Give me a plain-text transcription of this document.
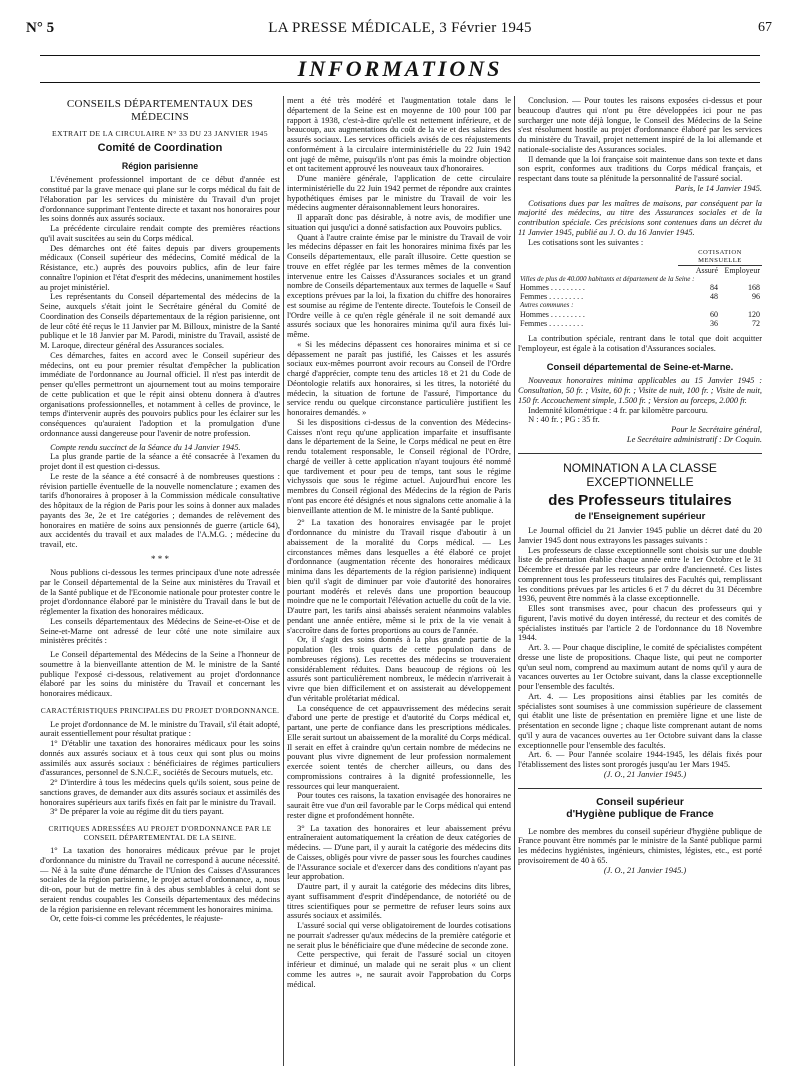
N° 5	LA PRESSE MÉDICALE, 3 Février 1945	67
INFORMATIONS
CONSEILS DÉPARTEMENTAUX DES MÉDECINS
EXTRAIT DE LA CIRCULAIRE N° 33 DU 23 JANVIER 1945
Comité de Coordination
Région parisienne

L'événement professionnel important de ce début d'année est constitué par la grave menace qui plane sur le corps médical du fait de l'élaboration par les services du ministère du Travail d'un projet d'ordonnance supprimant l'entente directe et taxant nos honoraires pour les soins donnés aux assurés sociaux.

La précédente circulaire rendait compte des premières réactions qu'il avait suscitées au sein du Corps médical.

Des démarches ont été faites depuis par divers groupements médicaux (Conseil supérieur des médecins, Comité médical de la Résistance, etc.) auprès des pouvoirs publics, afin de leur faire connaître l'opinion et l'état d'esprit des médecins, unanimement hostiles au projet ministériel.

Les représentants du Conseil départemental des médecins de la Seine, auxquels s'était joint le Secrétaire général du Comité de Coordination des Conseils départementaux de la région parisienne, ont de leur côté été reçus le 11 Janvier par M. Billoux, ministre de la Santé publique et le 18 Janvier par M. Parodi, ministre du Travail, assisté de M. Laroque, directeur général des Assurances sociales.

Ces démarches, faites en accord avec le Conseil supérieur des médecins, ont eu pour premier résultat d'empêcher la publication immédiate de l'ordonnance au Journal officiel. Il n'est pas interdit de penser qu'elles permettront un ajournement tout au moins temporaire de cette publication et que le répit ainsi obtenu donnera à d'autres organisations professionnelles, et notamment à celles de province, le temps d'intervenir auprès des pouvoirs publics pour les éclairer sur les conséquences qu'auraient l'adoption et la promulgation d'une ordonnance aussi dangereuse pour l'avenir de notre profession.

Compte rendu succinct de la Séance du 14 Janvier 1945.

La plus grande partie de la séance a été consacrée à l'examen du projet dont il est question ci-dessus.

Le reste de la séance a été consacré à de nombreuses questions : révision partielle éventuelle de la nouvelle nomenclature ; examen des tarifs d'honoraires à proposer à la Commission médicale consultative des hôpitaux de la région de Paris pour les soins à donner aux malades payants des 3e, 2e et 1re catégories ; demandes de relèvement des honoraires en matière de soins aux pensionnés de guerre (article 64), aux accidentés du travail et aux malades de l'A.M.G. ; médecine du travail, etc.

* * *

Nous publions ci-dessous les termes principaux d'une note adressée par le Conseil départemental de la Seine aux ministères du Travail et de la Santé publique et de l'Economie nationale pour protester contre le projet d'ordonnance élaboré par le ministère du Travail dans le but de réglementer la fixation des honoraires médicaux.

Les conseils départementaux des Médecins de Seine-et-Oise et de Seine-et-Marne ont adressé de leur côté une note similaire aux ministères précités :

Le Conseil départemental des Médecins de la Seine a l'honneur de soumettre à la bienveillante attention de M. le ministre de la Santé publique l'exposé ci-dessous, relativement au projet d'ordonnance élaboré par les soins du ministère du Travail et concernant les honoraires médicaux.

CARACTÉRISTIQUES PRINCIPALES DU PROJET D'ORDONNANCE.

Le projet d'ordonnance de M. le ministre du Travail, s'il était adopté, aurait essentiellement pour résultat pratique :

1° D'établir une taxation des honoraires médicaux pour les soins donnés aux assurés sociaux et à tous ceux qui sont plus ou moins assimilés aux assurés sociaux : bénéficiaires de régimes particuliers d'assurances, personnel de S.N.C.F., sociétés de Secours mutuels, etc.

2° D'interdire à tous les médecins quels qu'ils soient, sous peine de sanctions graves, de demander aux dits assurés sociaux et assimilés des honoraires supérieurs aux tarifs fixés en fait par le ministre du Travail.

3° De préparer la voie au régime dit du tiers payant.

CRITIQUES ADRESSÉES AU PROJET D'ORDONNANCE PAR LE CONSEIL DÉPARTEMENTAL DE LA SEINE.

1° La taxation des honoraires médicaux prévue par le projet d'ordonnance du ministre du Travail ne correspond à aucune nécessité. — Né à la suite d'une démarche de l'Union des Caisses d'Assurances sociales de la région parisienne, le projet actuel d'ordonnance, a, nous dit-on, pour but de mettre fin à des abus semblables à celui dont se seraient rendus coupables les Conseils départementaux des médecins de la région parisienne en relevant récemment les honoraires minima.

Or, cette fois-ci comme les précédentes, le réajuste-

ment a été très modéré et l'augmentation totale dans le département de la Seine est en moyenne de 100 pour 100 par rapport à 1938, c'est-à-dire qu'elle est nettement inférieure, et de beaucoup, aux augmentations du coût de la vie et des salaires des assurés sociaux. Les services officiels avisés de ces réajustements conformément à la circulaire interministérielle du 22 Juin 1942 ont jugé de même, puisqu'ils n'ont pas émis la moindre objection et ont tacitement approuvé les nouveaux taux d'honoraires.

D'une manière générale, l'application de cette circulaire interministérielle du 22 Juin 1942 permet de répondre aux craintes hypothétiques émises par le ministre du Travail de voir les médecins augmenter déraisonnablement leurs honoraires.

Il apparaît donc pas désirable, à notre avis, de modifier une situation qui jusqu'ici a donné satisfaction aux Pouvoirs publics.

Quant à l'autre crainte émise par le ministre du Travail de voir les médecins dépasser en fait les honoraires minima fixés par les Conseils départementaux, elle paraît illusoire. Cette question se trouve en effet réglée par les termes mêmes de la convention intervenue entre les Caisses d'Assurances sociales et un grand nombre de Conseils départementaux aux termes de laquelle « Sauf exceptions prévues par la loi, la fixation du chiffre des honoraires est soumise au régime de l'entente directe. Toutefois le Conseil de l'Ordre veille à ce qu'en règle générale il ne soit demandé aux assurés sociaux que les honoraires minima qu'il aura fixés lui-même.

« Si les médecins dépassent ces honoraires minima et si ce dépassement ne paraît pas justifié, les Caisses et les assurés sociaux eux-mêmes pourront avoir recours au Conseil de l'Ordre chargé d'apprécier, compte tenu des articles 18 et 21 du Code de Déontologie relatifs aux honoraires, si les titres, la notoriété du médecin, la situation de fortune de l'assuré, l'importance du service rendu ou quelque circonstance particulière justifient les honoraires demandés. »

Si les dispositions ci-dessus de la convention des Médecins-Caisses n'ont reçu qu'une application imparfaite et insuffisante dans le département de la Seine, le Corps médical ne peut en être rendu totalement responsable, le Conseil régional de l'Ordre, chargé de veiller à cette application n'ayant toujours été nommé que tardivement et pour peu de temps, tant sous le régime vichyssois que sous le régime actuel. Aujourd'hui encore les membres du Conseil régional des Médecins de la région de Paris n'ont pas encore été désignés et nous signalons cette anomalie à la bienveillante attention de M. le ministre de la Santé publique.

2° La taxation des honoraires envisagée par le projet d'ordonnance du ministre du Travail risque d'aboutir à un abaissement de la moralité du Corps médical. — Les circonstances mêmes dans lesquelles a été élaboré ce projet d'ordonnance (augmentation récente des honoraires médicaux minima dans les départements de la région parisienne) indiquent bien qu'il s'agit de diminuer par voie d'autorité des honoraires pourtant modérés et relevés dans une proportion beaucoup moindre que ne le comportait l'élévation actuelle du coût de la vie. D'autre part, les tarifs ainsi abaissés seraient néanmoins valables pendant une année entière, même si le prix de la vie venait à s'accroître dans de fortes proportions au cours de l'année.

Or, il s'agit des soins donnés à la plus grande partie de la population (les trois quarts de cette population dans de nombreuses régions). Les recettes des médecins se trouveraient considérablement réduites. Dans beaucoup de régions où les assurés sont particulièrement nombreux, le médecin n'arriverait à vivre que bien difficilement et on assisterait au développement d'un véritable prolétariat médical.

La conséquence de cet appauvrissement des médecins serait d'abord une perte de prestige et d'autorité du Corps médical et, partant, une perte de confiance dans les prescriptions médicales. Elle serait surtout un abaissement de la moralité du Corps médical. Il serait en effet à craindre qu'un certain nombre de médecins ne pouvant plus vivre dignement de leur profession normalement exercée soient tentés de chercher ailleurs, ou dans des compromissions contraires à la dignité professionnelle, les ressources qui leur manqueraient.

Pour toutes ces raisons, la taxation envisagée des honoraires ne saurait être vue d'un œil favorable par le Corps médical qui entend rester digne et profondément honnête.

3° La taxation des honoraires et leur abaissement prévu entraîneraient automatiquement la création de deux catégories de médecins. — D'une part, il y aurait la catégorie des médecins dits de Caisses, obligés pour vivre de passer sous les fourches caudines de l'Assurance sociale et d'exercer dans des conditions n'ayant pas leur approbation.

D'autre part, il y aurait la catégorie des médecins dits libres, ayant suffisamment d'esprit d'indépendance, de notoriété ou de titres scientifiques pour se permettre de refuser leurs soins aux assurés sociaux et assimilés.

L'assuré social qui verse obligatoirement de lourdes cotisations ne pourrait s'adresser qu'aux médecins de la première catégorie et ne serait plus le bénéficiaire que d'une médecine de seconde zone.

Cette perspective, qui ferait de l'assuré social un citoyen inférieur et diminué, un malade qui ne serait plus « un client comme les autres », ne saurait avoir l'approbation du Corps médical.

Conclusion. — Pour toutes les raisons exposées ci-dessus et pour beaucoup d'autres qui n'ont pu être développées ici pour ne pas surcharger une note déjà longue, le Conseil des Médecins de la Seine s'est résolument hostile au projet d'ordonnance élaboré par les services du ministère du Travail, projet nettement inspiré de la loi allemande et nationale-socialiste des Assurances sociales.

Il demande que la loi française soit maintenue dans son texte et dans son esprit, conformes aux traditions du Corps médical français, et respectant dans toute sa plénitude la personnalité de l'assuré social.

Paris, le 14 Janvier 1945.

Cotisations dues par les maîtres de maisons, par conséquent par la majorité des médecins, au titre des Assurances sociales et de la contribution spéciale. Ces précisions sont contenues dans un décret du 11 Janvier 1945, publié au J. O. du 16 Janvier 1945.

Les cotisations sont les suivantes :

	COTISATION MENSUELLE	
	Assuré	Employeur
Villes de plus de 40.000 habitants et département de la Seine :		
Hommes . . . . . . . . .	84	168
Femmes . . . . . . . . .	48	96
Autres communes :		
Hommes . . . . . . . . .	60	120
Femmes . . . . . . . . .	36	72

La contribution spéciale, rentrant dans le total que doit acquitter l'employeur, est égale à la cotisation d'Assurances sociales.

Conseil départemental de Seine-et-Marne.

Nouveaux honoraires minima applicables au 15 Janvier 1945 : Consultation, 50 fr. ; Visite, 60 fr. ; Visite de nuit, 100 fr. ; Visite de nuit, 150 fr. Accouchement simple, 1.500 fr. ; Version au forceps, 2.000 fr.

Indemnité kilométrique : 4 fr. par kilomètre parcouru.

N : 40 fr. ; PG : 35 fr.

Pour le Secrétaire général,

Le Secrétaire administratif : Dr Coquin.

NOMINATION A LA CLASSE EXCEPTIONNELLE
des Professeurs titulaires
de l'Enseignement supérieur

Le Journal officiel du 21 Janvier 1945 publie un décret daté du 20 Janvier 1945 dont nous extrayons les passages suivants :

Les professeurs de classe exceptionnelle sont choisis sur une double liste de présentation établie chaque année entre le 1er Octobre et le 31 Décembre et dressée par les recteurs par ordre d'ancienneté. Ces listes comprennent tous les professeurs titulaires des Facultés qui, remplissant les conditions prévues par les articles 6 et 7 du décret du 31 Décembre 1936, peuvent être nommés à la classe exceptionnelle.

Elles sont transmises avec, pour chacun des professeurs qui y figurent, l'avis motivé du doyen intéressé, du recteur et des comités de spécialistes institués par l'article 2 de l'ordonnance du 18 Novembre 1944.

Art. 3. — Pour chaque discipline, le comité de spécialistes compétent dresse une liste de propositions. Chaque liste, qui peut ne comporter qu'un seul nom, comprend au maximum autant de noms qu'il y aura de vacances ouvertes au 1er Octobre suivant, dans la classe exceptionnelle pour l'ensemble des facultés.

Art. 4. — Les propositions ainsi établies par les comités de spécialistes sont soumises à une commission supérieure de classement qui établit une liste de présentation en première ligne et une liste de présentation en seconde ligne ; chaque liste comprenant autant de noms qu'il y aura de vacances ouvertes au 1er Octobre suivant dans la classe exceptionnelle pour l'ensemble des facultés.

Art. 6. — Pour l'année scolaire 1944-1945, les délais fixés pour l'établissement des listes sont prorogés jusqu'au 1er Mars 1945.

(J. O., 21 Janvier 1945.)

Conseil supérieur
d'Hygiène publique de France

Le nombre des membres du conseil supérieur d'hygiène publique de France pouvant être nommés par le ministre de la Santé publique parmi les médecins hygiénistes, ingénieurs, chimistes, légistes, etc., est porté provisoirement de 40 à 65.

(J. O., 21 Janvier 1945.)
